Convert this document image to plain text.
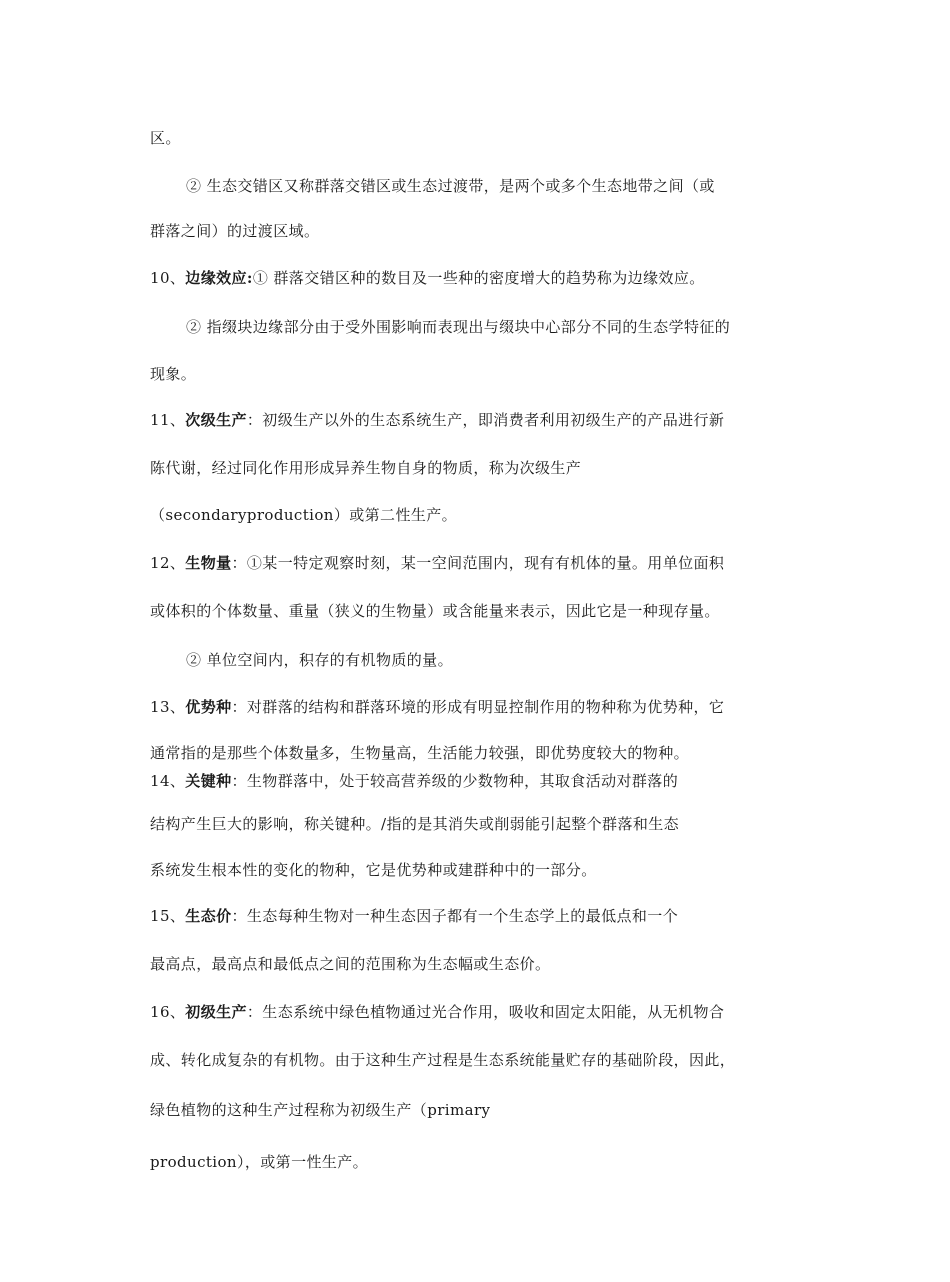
区。
② 生态交错区又称群落交错区或生态过渡带，是两个或多个生态地带之间（或
群落之间）的过渡区域。
10、边缘效应:① 群落交错区种的数目及一些种的密度增大的趋势称为边缘效应。
② 指缀块边缘部分由于受外围影响而表现出与缀块中心部分不同的生态学特征的
现象。
11、次级生产：初级生产以外的生态系统生产，即消费者利用初级生产的产品进行新
陈代谢，经过同化作用形成异养生物自身的物质，称为次级生产
（secondaryproduction）或第二性生产。
12、生物量：①某一特定观察时刻，某一空间范围内，现有有机体的量。用单位面积
或体积的个体数量、重量（狭义的生物量）或含能量来表示，因此它是一种现存量。
② 单位空间内，积存的有机物质的量。
13、优势种：对群落的结构和群落环境的形成有明显控制作用的物种称为优势种，它
通常指的是那些个体数量多，生物量高，生活能力较强，即优势度较大的物种。
14、关键种：生物群落中，处于较高营养级的少数物种，其取食活动对群落的
结构产生巨大的影响，称关键种。/指的是其消失或削弱能引起整个群落和生态
系统发生根本性的变化的物种，它是优势种或建群种中的一部分。
15、生态价：生态每种生物对一种生态因子都有一个生态学上的最低点和一个
最高点，最高点和最低点之间的范围称为生态幅或生态价。
16、初级生产：生态系统中绿色植物通过光合作用，吸收和固定太阳能，从无机物合
成、转化成复杂的有机物。由于这种生产过程是生态系统能量贮存的基础阶段，因此，
绿色植物的这种生产过程称为初级生产（primary
production），或第一性生产。
